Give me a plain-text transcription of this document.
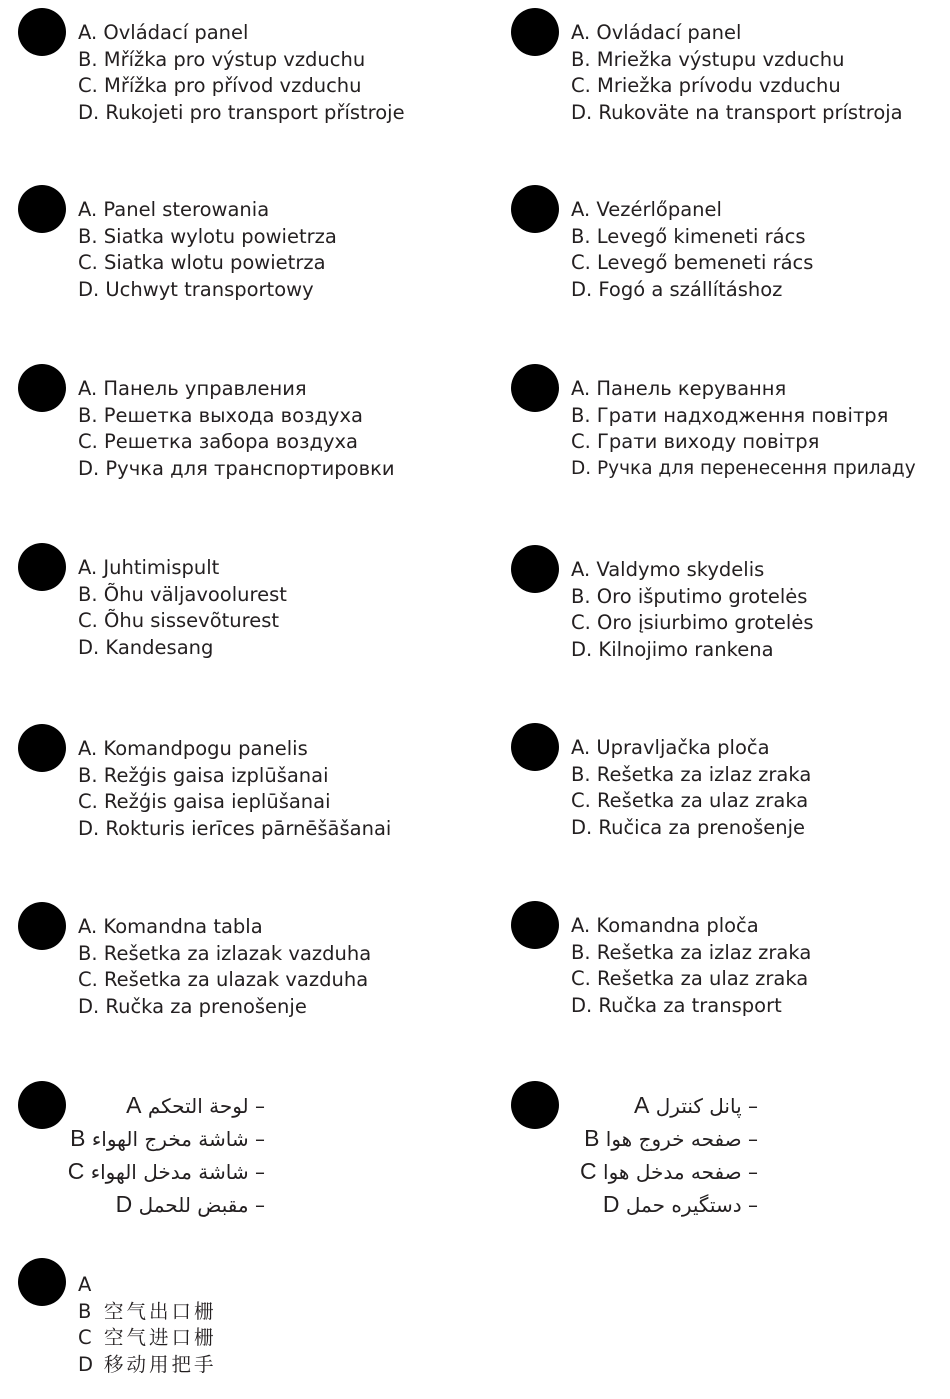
A. Ovládací panel
B. Mřížka pro výstup vzduchu
C. Mřížka pro přívod vzduchu
D. Rukojeti pro transport přístroje
A. Ovládací panel
B. Mriežka výstupu vzduchu
C. Mriežka prívodu vzduchu
D. Rukoväte na transport prístroja
A. Panel sterowania
B. Siatka wylotu powietrza
C. Siatka wlotu powietrza
D. Uchwyt transportowy
A. Vezérlőpanel
B. Levegő kimeneti rács
C. Levegő bemeneti rács
D. Fogó a szállításhoz
A. Панель управления
B. Решетка выхода воздуха
C. Решетка забора воздуха
D. Ручка для транспортировки
A. Панель керування
B. Грати надходження повітря
C. Грати виходу повітря
D. Ручка для перенесення приладу
A. Juhtimispult
B. Õhu väljavoolurest
C. Õhu sissevõturest
D. Kandesang
A. Valdymo skydelis
B. Oro išputimo grotelės
C. Oro įsiurbimo grotelės
D. Kilnojimo rankena
A. Komandpogu panelis
B. Režģis gaisa izplūšanai
C. Režģis gaisa ieplūšanai
D. Rokturis ierīces pārnēšāšanai
A. Upravljačka ploča
B. Rešetka za izlaz zraka
C. Rešetka za ulaz zraka
D. Ručica za prenošenje
A. Komandna tabla
B. Rešetka za izlazak vazduha
C. Rešetka za ulazak vazduha
D. Ručka za prenošenje
A. Komandna ploča
B. Rešetka za izlaz zraka
C. Rešetka za ulaz zraka
D. Ručka za transport
A لوحة التحكم –
B شاشة مخرج الهواء –
C شاشة مدخل الهواء –
D مقبض للحمل –
A پانل کنترل –
B صفحه خروج هوا –
C صفحه مدخل هوا –
D دستگیره حمل –
A
B 空气出口栅
C 空气进口栅
D 移动用把手
